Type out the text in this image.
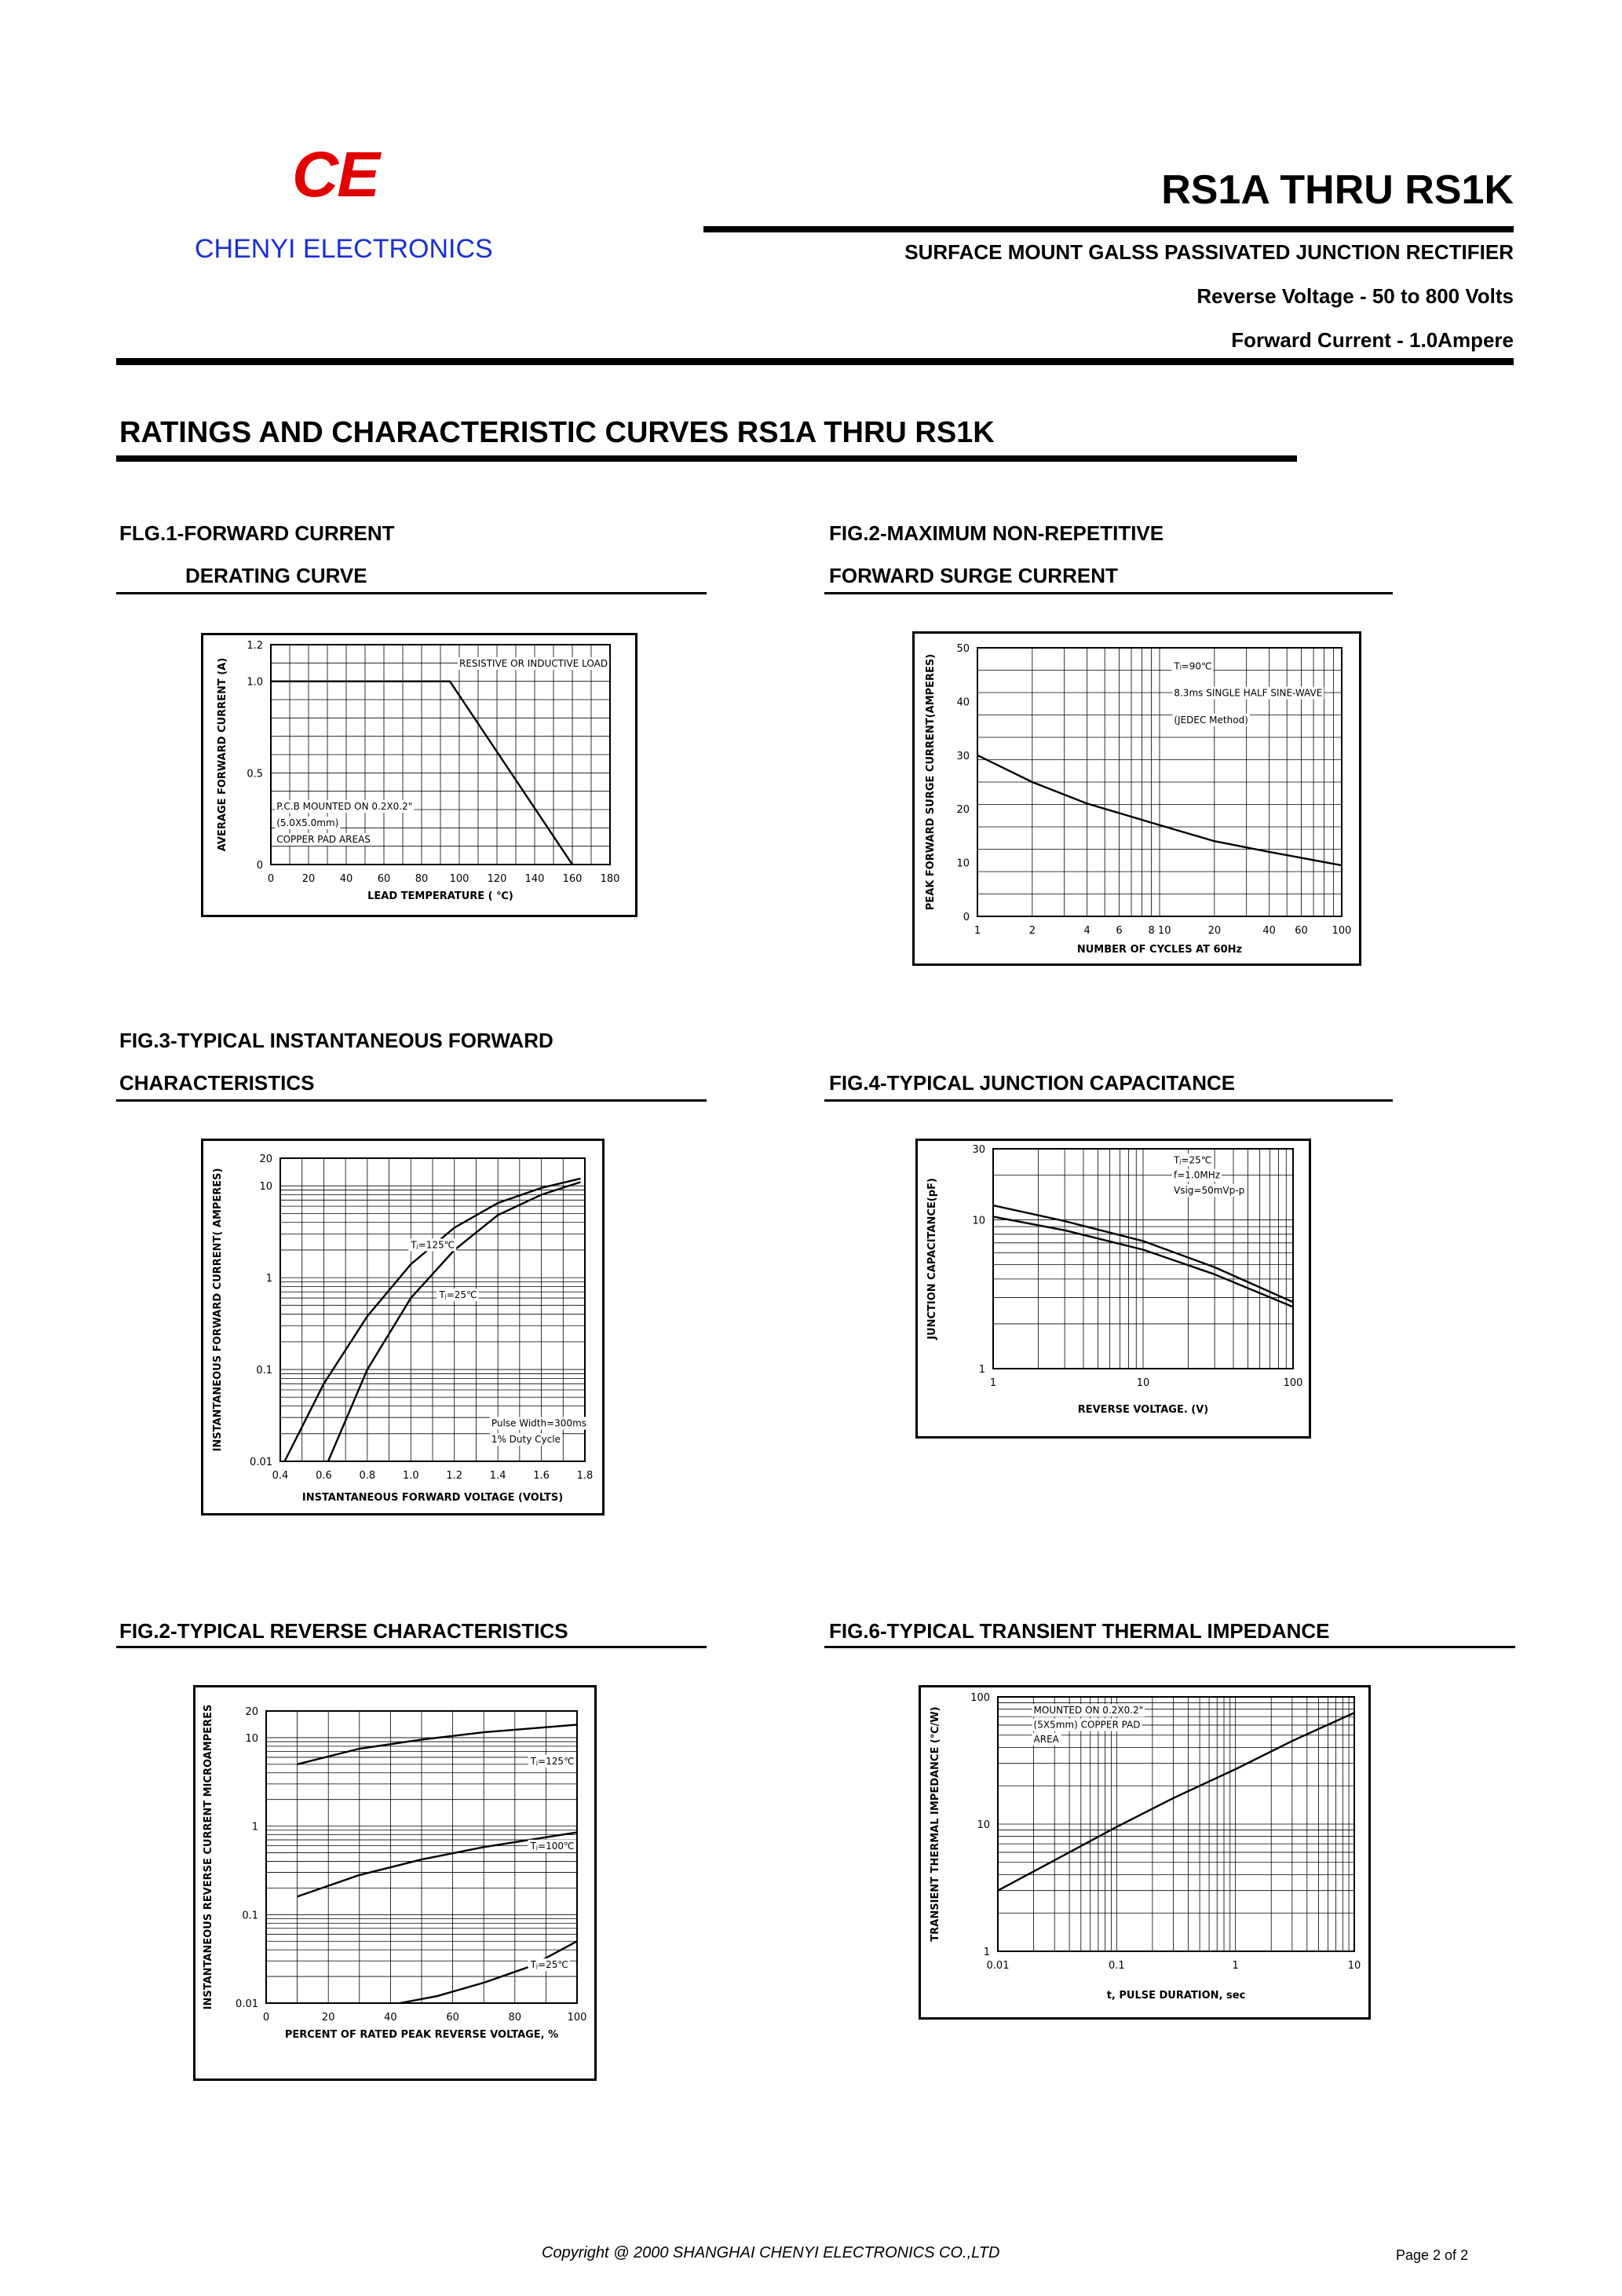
CE
CHENYI ELECTRONICS
RS1A THRU RS1K
SURFACE MOUNT GALSS PASSIVATED JUNCTION RECTIFIER
Reverse Voltage - 50 to 800 Volts
Forward Current - 1.0Ampere
RATINGS AND CHARACTERISTIC CURVES RS1A THRU RS1K
FLG.1-FORWARD CURRENT
DERATING CURVE
FIG.2-MAXIMUM NON-REPETITIVE
FORWARD SURGE CURRENT
FIG.3-TYPICAL INSTANTANEOUS FORWARD
CHARACTERISTICS	FIG.4-TYPICAL JUNCTION CAPACITANCE
FIG.2-TYPICAL REVERSE CHARACTERISTICS	FIG.6-TYPICAL TRANSIENT THERMAL IMPEDANCE
0	20 40 60 80 100 120 140 160 180
0
0.5
1.0
1.2
LEAD TEMPERATURE ( ℃)
AVERAGE FORWARD CURRENT (A)	RESISTIVE OR INDUCTIVE LOAD
P.C.B MOUNTED ON 0.2X0.2"
(5.0X5.0mm)
COPPER PAD AREAS
1	2	4	6	8 10	20	40 60 100
0
10
20
30
40
50
NUMBER OF CYCLES AT 60Hz
PEAK FORWARD SURGE CURRENT(AMPERES)	Tₗ=90℃
8.3ms SINGLE HALF SINE-WAVE
(JEDEC Method)
0.4	0.6	0.8	1.0	1.2	1.4	1.6	1.8
0.01
0.1
1
10
20
INSTANTANEOUS FORWARD VOLTAGE (VOLTS)
INSTANTANEOUS FORWARD CURRENT( AMPERES)	Tⱼ=125℃
Tⱼ=25℃
Pulse Width=300ms
1% Duty Cycle
1	10	100
1
10
30
REVERSE VOLTAGE. (V)
JUNCTION CAPACITANCE(pF)
Tⱼ=25℃
f=1.0MHz
Vsig=50mVp-p
0	20	40	60	80	100
0.01
0.1
1
10
20
PERCENT OF RATED PEAK REVERSE VOLTAGE, %
INSTANTANEOUS REVERSE CURRENT MICROAMPERES	Tⱼ=125℃
Tⱼ=100℃
Tⱼ=25℃	0.01	0.1	1	10
1
10
100
t, PULSE DURATION, sec
TRANSIENT THERMAL IMPEDANCE (℃/W)	MOUNTED ON 0.2X0.2"
(5X5mm) COPPER PAD
AREA
Copyright @ 2000 SHANGHAI CHENYI ELECTRONICS CO.,LTD	Page 2 of 2
